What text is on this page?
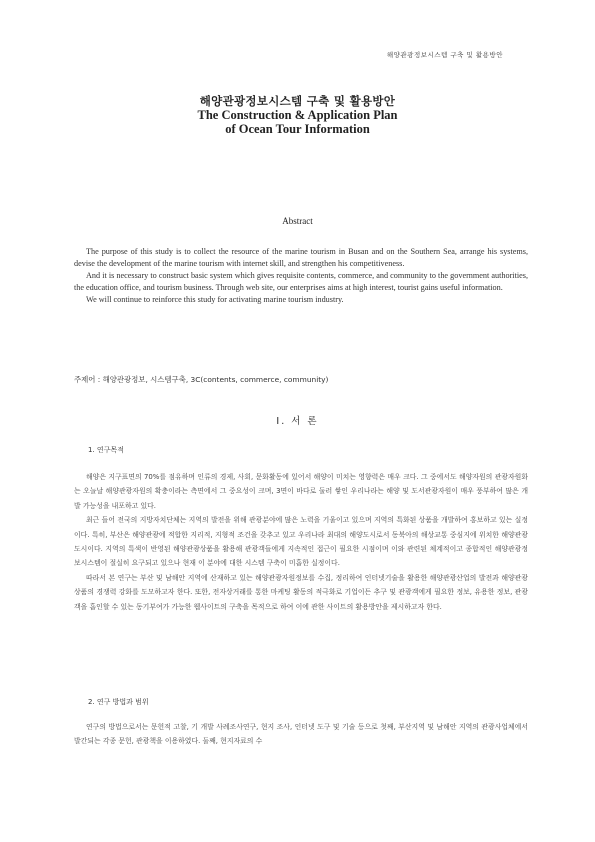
해양관광정보시스템 구축 및 활용방안
해양관광정보시스템 구축 및 활용방안
The Construction & Application Plan
of Ocean Tour Information
Abstract

The purpose of this study is to collect the resource of the marine tourism in Busan and on the Southern Sea, arrange his systems, devise the development of the marine tourism with internet skill, and strengthen his competitiveness.

And it is necessary to construct basic system which gives requisite contents, commerce, and community to the government authorities, the education office, and tourism business. Through web site, our enterprises aims at high interest, tourist gains useful information.

We will continue to reinforce this study for activating marine tourism industry.

주제어 : 해양관광정보, 시스템구축, 3C(contents, commerce, community)
Ⅰ. 서 론
1. 연구목적

해양은 지구표면의 70%를 점유하며 인류의 경제, 사회, 문화활동에 있어서 해양이 미치는 영향력은 매우 크다. 그 중에서도 해양자원의 관광자원화는 오늘날 해양관광자원의 확충이라는 측면에서 그 중요성이 크며, 3면이 바다로 둘러 쌓인 우리나라는 해양 및 도서관광자원이 매우 풍부하여 많은 개발 가능성을 내포하고 있다.

최근 들어 전국의 지방자치단체는 지역의 발전을 위해 관광분야에 많은 노력을 기울이고 있으며 지역의 특화된 상품을 개발하여 홍보하고 있는 실정이다. 특히, 부산은 해양관광에 적합한 지리적, 지형적 조건을 갖추고 있고 우리나라 최대의 해양도시로서 동북아의 해상교통 중심지에 위치한 해양관광도시이다. 지역의 특색이 반영된 해양관광상품을 활용해 관광객들에게 지속적인 접근이 필요한 시점이며 이와 관련된 체계적이고 종합적인 해양관광정보시스템이 절실히 요구되고 있으나 현재 이 분야에 대한 시스템 구축이 미흡한 실정이다.

따라서 본 연구는 부산 및 남해안 지역에 산재하고 있는 해양관광자원정보를 수집, 정리하여 인터넷기술을 활용한 해양관광산업의 발전과 해양관광상품의 경쟁력 강화를 도모하고자 한다. 또한, 전자상거래를 통한 마케팅 활동의 적극화로 기업이든 추구 및 관광객에게 필요한 정보, 유용한 정보, 관광객을 흡인할 수 있는 동기부여가 가능한 웹사이트의 구축을 목적으로 하여 이에 관한 사이트의 활용방안을 제시하고자 한다.

2. 연구 방법과 범위

연구의 방법으로서는 문헌적 고찰, 기 개발 사례조사연구, 현지 조사, 인터넷 도구 및 기술 등으로 첫째, 부산지역 및 남해안 지역의 관광사업체에서 발간되는 각종 문헌, 관광책을 이용하였다. 둘째, 현지자료의 수
